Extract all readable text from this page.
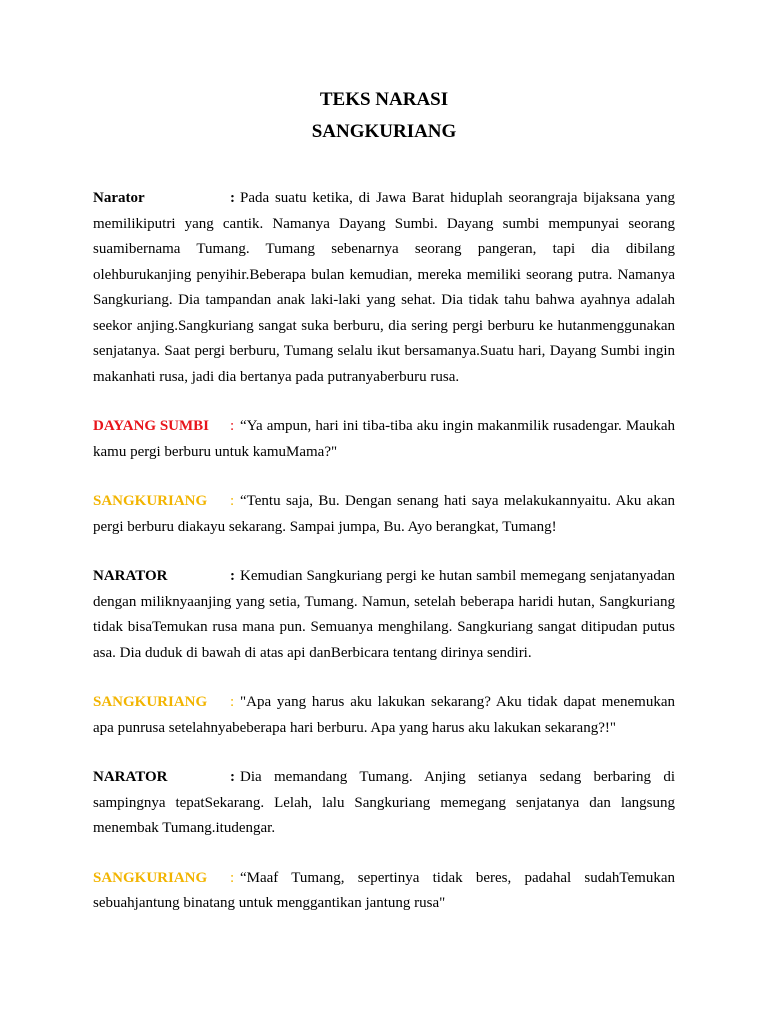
TEKS NARASI
SANGKURIANG

Narator	: Pada suatu ketika, di Jawa Barat hiduplah seorangraja bijaksana yang memilikiputri yang cantik. Namanya Dayang Sumbi. Dayang sumbi mempunyai seorang suamibernama Tumang. Tumang sebenarnya seorang pangeran, tapi dia dibilang olehburukanjing penyihir.Beberapa bulan kemudian, mereka memiliki seorang putra. Namanya Sangkuriang. Dia tampandan anak laki-laki yang sehat. Dia tidak tahu bahwa ayahnya adalah seekor anjing.Sangkuriang sangat suka berburu, dia sering pergi berburu ke hutanmenggunakan senjatanya. Saat pergi berburu, Tumang selalu ikut bersamanya.Suatu hari, Dayang Sumbi ingin makanhati rusa, jadi dia bertanya pada putranyaberburu rusa.

DAYANG SUMBI : “Ya ampun, hari ini tiba-tiba aku ingin makanmilik rusadengar. Maukah kamu pergi berburu untuk kamuMama?"

SANGKURIANG : “Tentu saja, Bu. Dengan senang hati saya melakukannyaitu. Aku akan pergi berburu diakayu sekarang. Sampai jumpa, Bu. Ayo berangkat, Tumang!

NARATOR	: Kemudian Sangkuriang pergi ke hutan sambil memegang senjatanyadan dengan miliknyaanjing yang setia, Tumang. Namun, setelah beberapa haridi hutan, Sangkuriang tidak bisaTemukan rusa mana pun. Semuanya menghilang. Sangkuriang sangat ditipudan putus asa. Dia duduk di bawah di atas api danBerbicara tentang dirinya sendiri.

SANGKURIANG : "Apa yang harus aku lakukan sekarang? Aku tidak dapat menemukan apa punrusa setelahnyabeberapa hari berburu. Apa yang harus aku lakukan sekarang?!"

NARATOR	: Dia memandang Tumang. Anjing setianya sedang berbaring di sampingnya tepatSekarang. Lelah, lalu Sangkuriang memegang senjatanya dan langsung menembak Tumang.itudengar.

SANGKURIANG : “Maaf Tumang, sepertinya tidak beres, padahal sudahTemukan sebuahjantung binatang untuk menggantikan jantung rusa"
